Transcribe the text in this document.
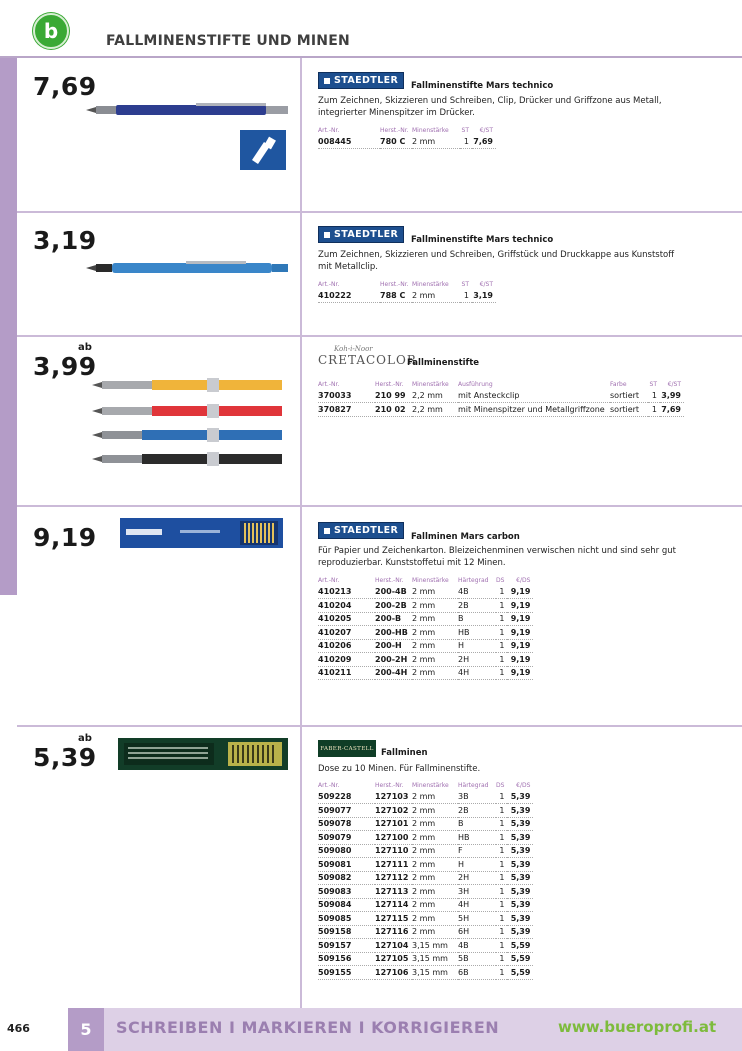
b	FALLMINENSTIFTE UND MINEN
7,69	STAEDTLER Fallminenstifte Mars technico
Zum Zeichnen, Skizzieren und Schreiben, Clip, Drücker und Griffzone aus Metall, integrierter Minenspitzer im Drücker.
Art.-Nr.	Herst.-Nr.	Minenstärke	ST	€/ST
008445	780 C	2 mm	1	7,69
3,19	STAEDTLER Fallminenstifte Mars technico
Zum Zeichnen, Skizzieren und Schreiben, Griffstück und Druckkappe aus Kunststoff mit Metallclip.
Art.-Nr.	Herst.-Nr.	Minenstärke	ST	€/ST
410222	788 C	2 mm	1	3,19
ab
3,99
Koh-i-Noor
CRETACOLOR
Fallminenstifte
Art.-Nr.	Herst.-Nr.	Minenstärke	Ausführung	Farbe	ST	€/ST
370033	210 99	2,2 mm	mit Ansteckclip	sortiert	1	3,99
370827	210 02	2,2 mm	mit Minenspitzer und Metallgriffzone	sortiert	1	7,69
9,19	STAEDTLER
Fallminen Mars carbon
Für Papier und Zeichenkarton. Bleizeichenminen verwischen nicht und sind sehr gut reproduzierbar. Kunststoffetui mit 12 Minen.
Art.-Nr.	Herst.-Nr.	Minenstärke	Härtegrad	DS	€/DS
410213	200-4B	2 mm	4B	1	9,19
410204	200-2B	2 mm	2B	1	9,19
410205	200-B	2 mm	B	1	9,19
410207	200-HB	2 mm	HB	1	9,19
410206	200-H	2 mm	H	1	9,19
410209	200-2H	2 mm	2H	1	9,19
410211	200-4H	2 mm	4H	1	9,19
ab
5,39	FABER-CASTELL Fallminen
Dose zu 10 Minen. Für Fallminenstifte.
Art.-Nr.	Herst.-Nr.	Minenstärke	Härtegrad	DS	€/DS
509228	127103	2 mm	3B	1	5,39
509077	127102	2 mm	2B	1	5,39
509078	127101	2 mm	B	1	5,39
509079	127100	2 mm	HB	1	5,39
509080	127110	2 mm	F	1	5,39
509081	127111	2 mm	H	1	5,39
509082	127112	2 mm	2H	1	5,39
509083	127113	2 mm	3H	1	5,39
509084	127114	2 mm	4H	1	5,39
509085	127115	2 mm	5H	1	5,39
509158	127116	2 mm	6H	1	5,39
509157	127104	3,15 mm	4B	1	5,59
509156	127105	3,15 mm	5B	1	5,59
509155	127106	3,15 mm	6B	1	5,59
466	5	SCHREIBEN I MARKIEREN I KORRIGIEREN	www.bueroprofi.at
